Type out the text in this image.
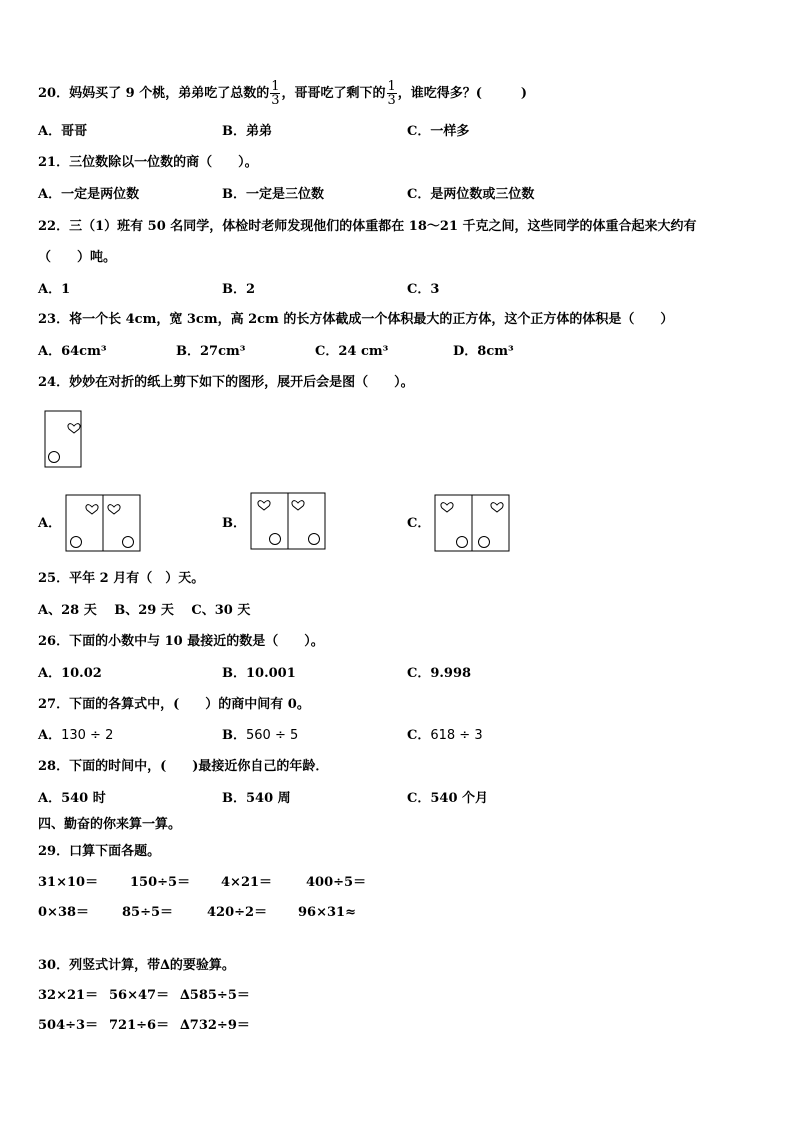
20．妈妈买了 9 个桃，弟弟吃了总数的 $\frac{1}{3}$ ，哥哥吃了剩下的 $\frac{1}{3}$ ，谁吃得多？(　　　)
A．哥哥	B．弟弟	C．一样多
21．三位数除以一位数的商（　　）。
A．一定是两位数	B．一定是三位数	C．是两位数或三位数
22．三（1）班有 50 名同学，体检时老师发现他们的体重都在 18～21 千克之间，这些同学的体重合起来大约有
（　　）吨。
A．1	B．2	C．3
23．将一个长 4cm，宽 3cm，高 2cm 的长方体截成一个体积最大的正方体，这个正方体的体积是（　　）
A．64cm³	B．27cm³	C．24 cm³	D．8cm³
24．妙妙在对折的纸上剪下如下的图形，展开后会是图（　　）。
A．	B．	C．
25．平年 2 月有（　）天。
A、28 天　 B、29 天　 C、30 天
26．下面的小数中与 10 最接近的数是（　　）。
A．10.02	B．10.001	C．9.998
27．下面的各算式中，(　　）的商中间有 0。
A．130 ÷ 2	B．560 ÷ 5	C．618 ÷ 3
28．下面的时间中，(　　)最接近你自己的年龄．
A．540 时	B．540 周	C．540 个月
四、勤奋的你来算一算。
29．口算下面各题。
31×10＝ 150÷5＝ 4×21＝	400÷5＝
0×38＝	85÷5＝	420÷2＝ 96×31≈
30．列竖式计算，带∆的要验算。
32×21＝ 56×47＝ ∆585÷5＝
504÷3＝ 721÷6＝ ∆732÷9＝
